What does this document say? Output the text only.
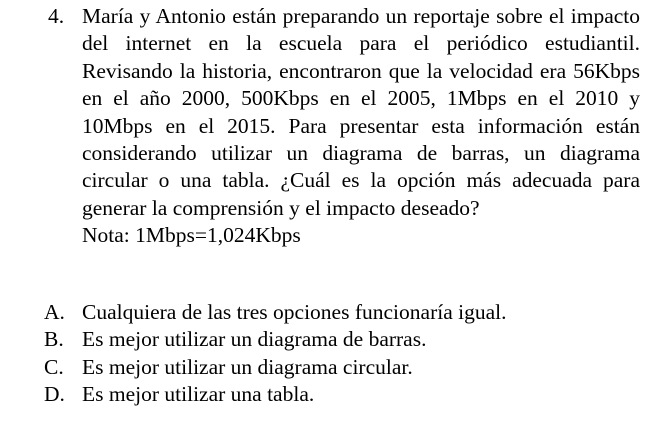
4. María y Antonio están preparando un reportaje sobre el impacto del internet en la escuela para el periódico estudiantil. Revisando la historia, encontraron que la velocidad era 56Kbps en el año 2000, 500Kbps en el 2005, 1Mbps en el 2010 y 10Mbps en el 2015. Para presentar esta información están considerando utilizar un diagrama de barras, un diagrama circular o una tabla. ¿Cuál es la opción más adecuada para generar la comprensión y el impacto deseado?

Nota: 1Mbps=1,024Kbps

A. Cualquiera de las tres opciones funcionaría igual.
B. Es mejor utilizar un diagrama de barras.
C. Es mejor utilizar un diagrama circular.
D. Es mejor utilizar una tabla.
